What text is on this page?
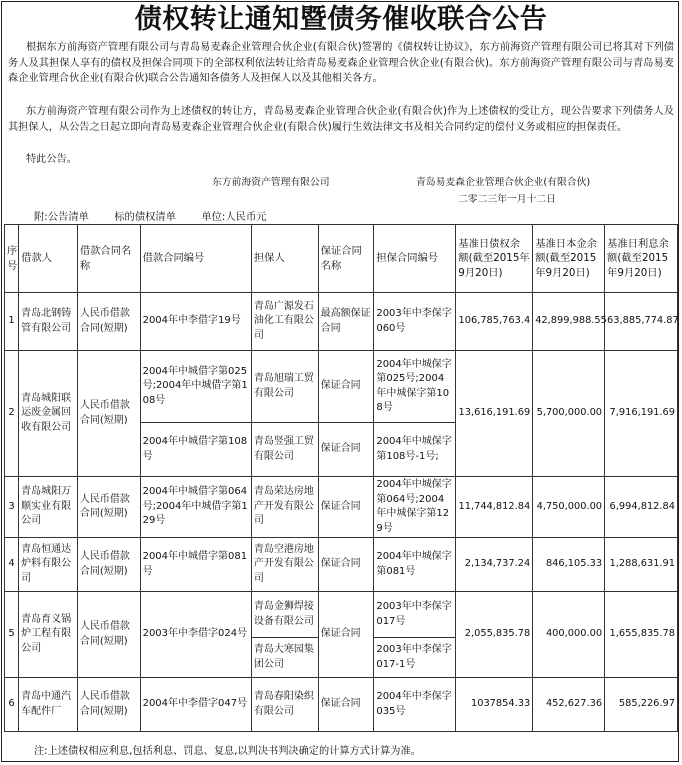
债权转让通知暨债务催收联合公告
根据东方前海资产管理有限公司与青岛易麦森企业管理合伙企业(有限合伙)签署的《债权转让协议》，东方前海资产管理有限公司已将其对下列债务人及其担保人享有的债权及担保合同项下的全部权利依法转让给青岛易麦森企业管理合伙企业(有限合伙)。东方前海资产管理有限公司与青岛易麦森企业管理合伙企业(有限合伙)联合公告通知各债务人及担保人以及其他相关各方。
东方前海资产管理有限公司作为上述债权的转让方，青岛易麦森企业管理合伙企业(有限合伙)作为上述债权的受让方，现公告要求下列债务人及其担保人，从公告之日起立即向青岛易麦森企业管理合伙企业(有限合伙)履行生效法律文书及相关合同约定的偿付义务或相应的担保责任。
特此公告。
东方前海资产管理有限公司	青岛易麦森企业管理合伙企业(有限合伙)
二零二三年一月十二日
附:公告清单 标的债权清单 单位:人民币元
序号	借款人	借款合同名称	借款合同编号	担保人	保证合同名称	担保合同编号	基准日债权余额(截至2015年9月20日)	基准日本金余额(截至2015年9月20日)	基准日利息余额(截至2015年9月20日)
1	青岛北钢铸管有限公司	人民币借款合同(短期)	2004年中李借字19号	青岛广源发石油化工有限公司	最高额保证合同	2003年中李保字060号	106,785,763.4	42,899,988.55	63,885,774.87
2	青岛城阳联运废金属回收有限公司	人民币借款合同(短期)	2004年中城借字第025号;2004年中城借字第108号	青岛旭瑞工贸有限公司	保证合同	2004年中城保字第025号;2004年中城保字第108号	13,616,191.69	5,700,000.00	7,916,191.69
			2004年中城借字第108号	青岛竖强工贸有限公司	保证合同	2004年中城保字第108号-1号;			
3	青岛城阳万顺实业有限公司	人民币借款合同(短期)	2004年中城借字第064号;2004年中城借字第129号	青岛荣达房地产开发有限公司	保证合同	2004年中城保字第064号;2004年中城保字第129号	11,744,812.84	4,750,000.00	6,994,812.84
4	青岛恒通达炉料有限公司	人民币借款合同(短期)	2004年中城借字第081号	青岛空港房地产开发有限公司	保证合同	2004年中城保字第081号	2,134,737.24	846,105.33	1,288,631.91
5	青岛育义锅炉工程有限公司	人民币借款合同(短期)	2003年中李借字024号	青岛金狮焊接设备有限公司	保证合同	2003年中李保字017号	2,055,835.78	400,000.00	1,655,835.78
				青岛大寒园集团公司		2003年中李保字017-1号			
6	青岛中通汽车配件厂	人民币借款合同(短期)	2004年中李借字047号	青岛春阳染织有限公司	保证合同	2004年中李保字035号	1037854.33	452,627.36	585,226.97
注:上述债权相应利息,包括利息、罚息、复息,以判决书判决确定的计算方式计算为准。
